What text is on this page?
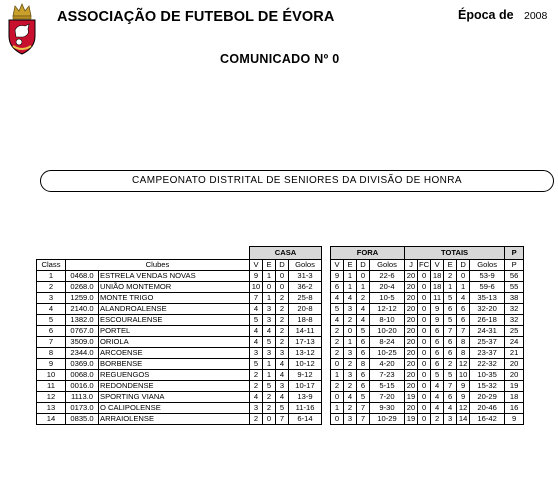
ASSOCIAÇÃO DE FUTEBOL DE ÉVORA	Época de 2008
COMUNICADO Nº 0
CAMPEONATO DISTRITAL DE SENIORES DA DIVISÃO DE HONRA
			CASA					FORA				TOTAIS						P
Class	Clubes		V	E	D	Golos		V	E	D	Golos	J	FC	V	E	D	Golos	P
1	0468.0	ESTRELA VENDAS NOVAS	9	1	0	31-3		9	1	0	22-6	20	0	18	2	0	53-9	56
2	0268.0	UNIÃO MONTEMOR	10	0	0	36-2		6	1	1	20-4	20	0	18	1	1	59-6	55
3	1259.0	MONTE TRIGO	7	1	2	25-8		4	4	2	10-5	20	0	11	5	4	35-13	38
4	2140.0	ALANDROALENSE	4	3	2	20-8		5	3	4	12-12	20	0	9	6	6	32-20	32
5	1382.0	ESCOURALENSE	5	3	2	18-8		4	2	4	8-10	20	0	9	5	6	26-18	32
6	0767.0	PORTEL	4	4	2	14-11		2	0	5	10-20	20	0	6	7	7	24-31	25
7	3509.0	ORIOLA	4	5	2	17-13		2	1	6	8-24	20	0	6	6	8	25-37	24
8	2344.0	ARCOENSE	3	3	3	13-12		2	3	6	10-25	20	0	6	6	8	23-37	21
9	0369.0	BORBENSE	5	1	4	10-12		0	2	8	4-20	20	0	6	2	12	22-32	20
10	0068.0	REGUENGOS	2	1	4	9-12		1	3	6	7-23	20	0	5	5	10	10-35	20
11	0016.0	REDONDENSE	2	5	3	10-17		2	2	6	5-15	20	0	4	7	9	15-32	19
12	1113.0	SPORTING VIANA	4	2	4	13-9		0	4	5	7-20	19	0	4	6	9	20-29	18
13	0173.0	O CALIPOLENSE	3	2	5	11-16		1	2	7	9-30	20	0	4	4	12	20-46	16
14	0835.0	ARRAIOLENSE	2	0	7	6-14		0	3	7	10-29	19	0	2	3	14	16-42	9
